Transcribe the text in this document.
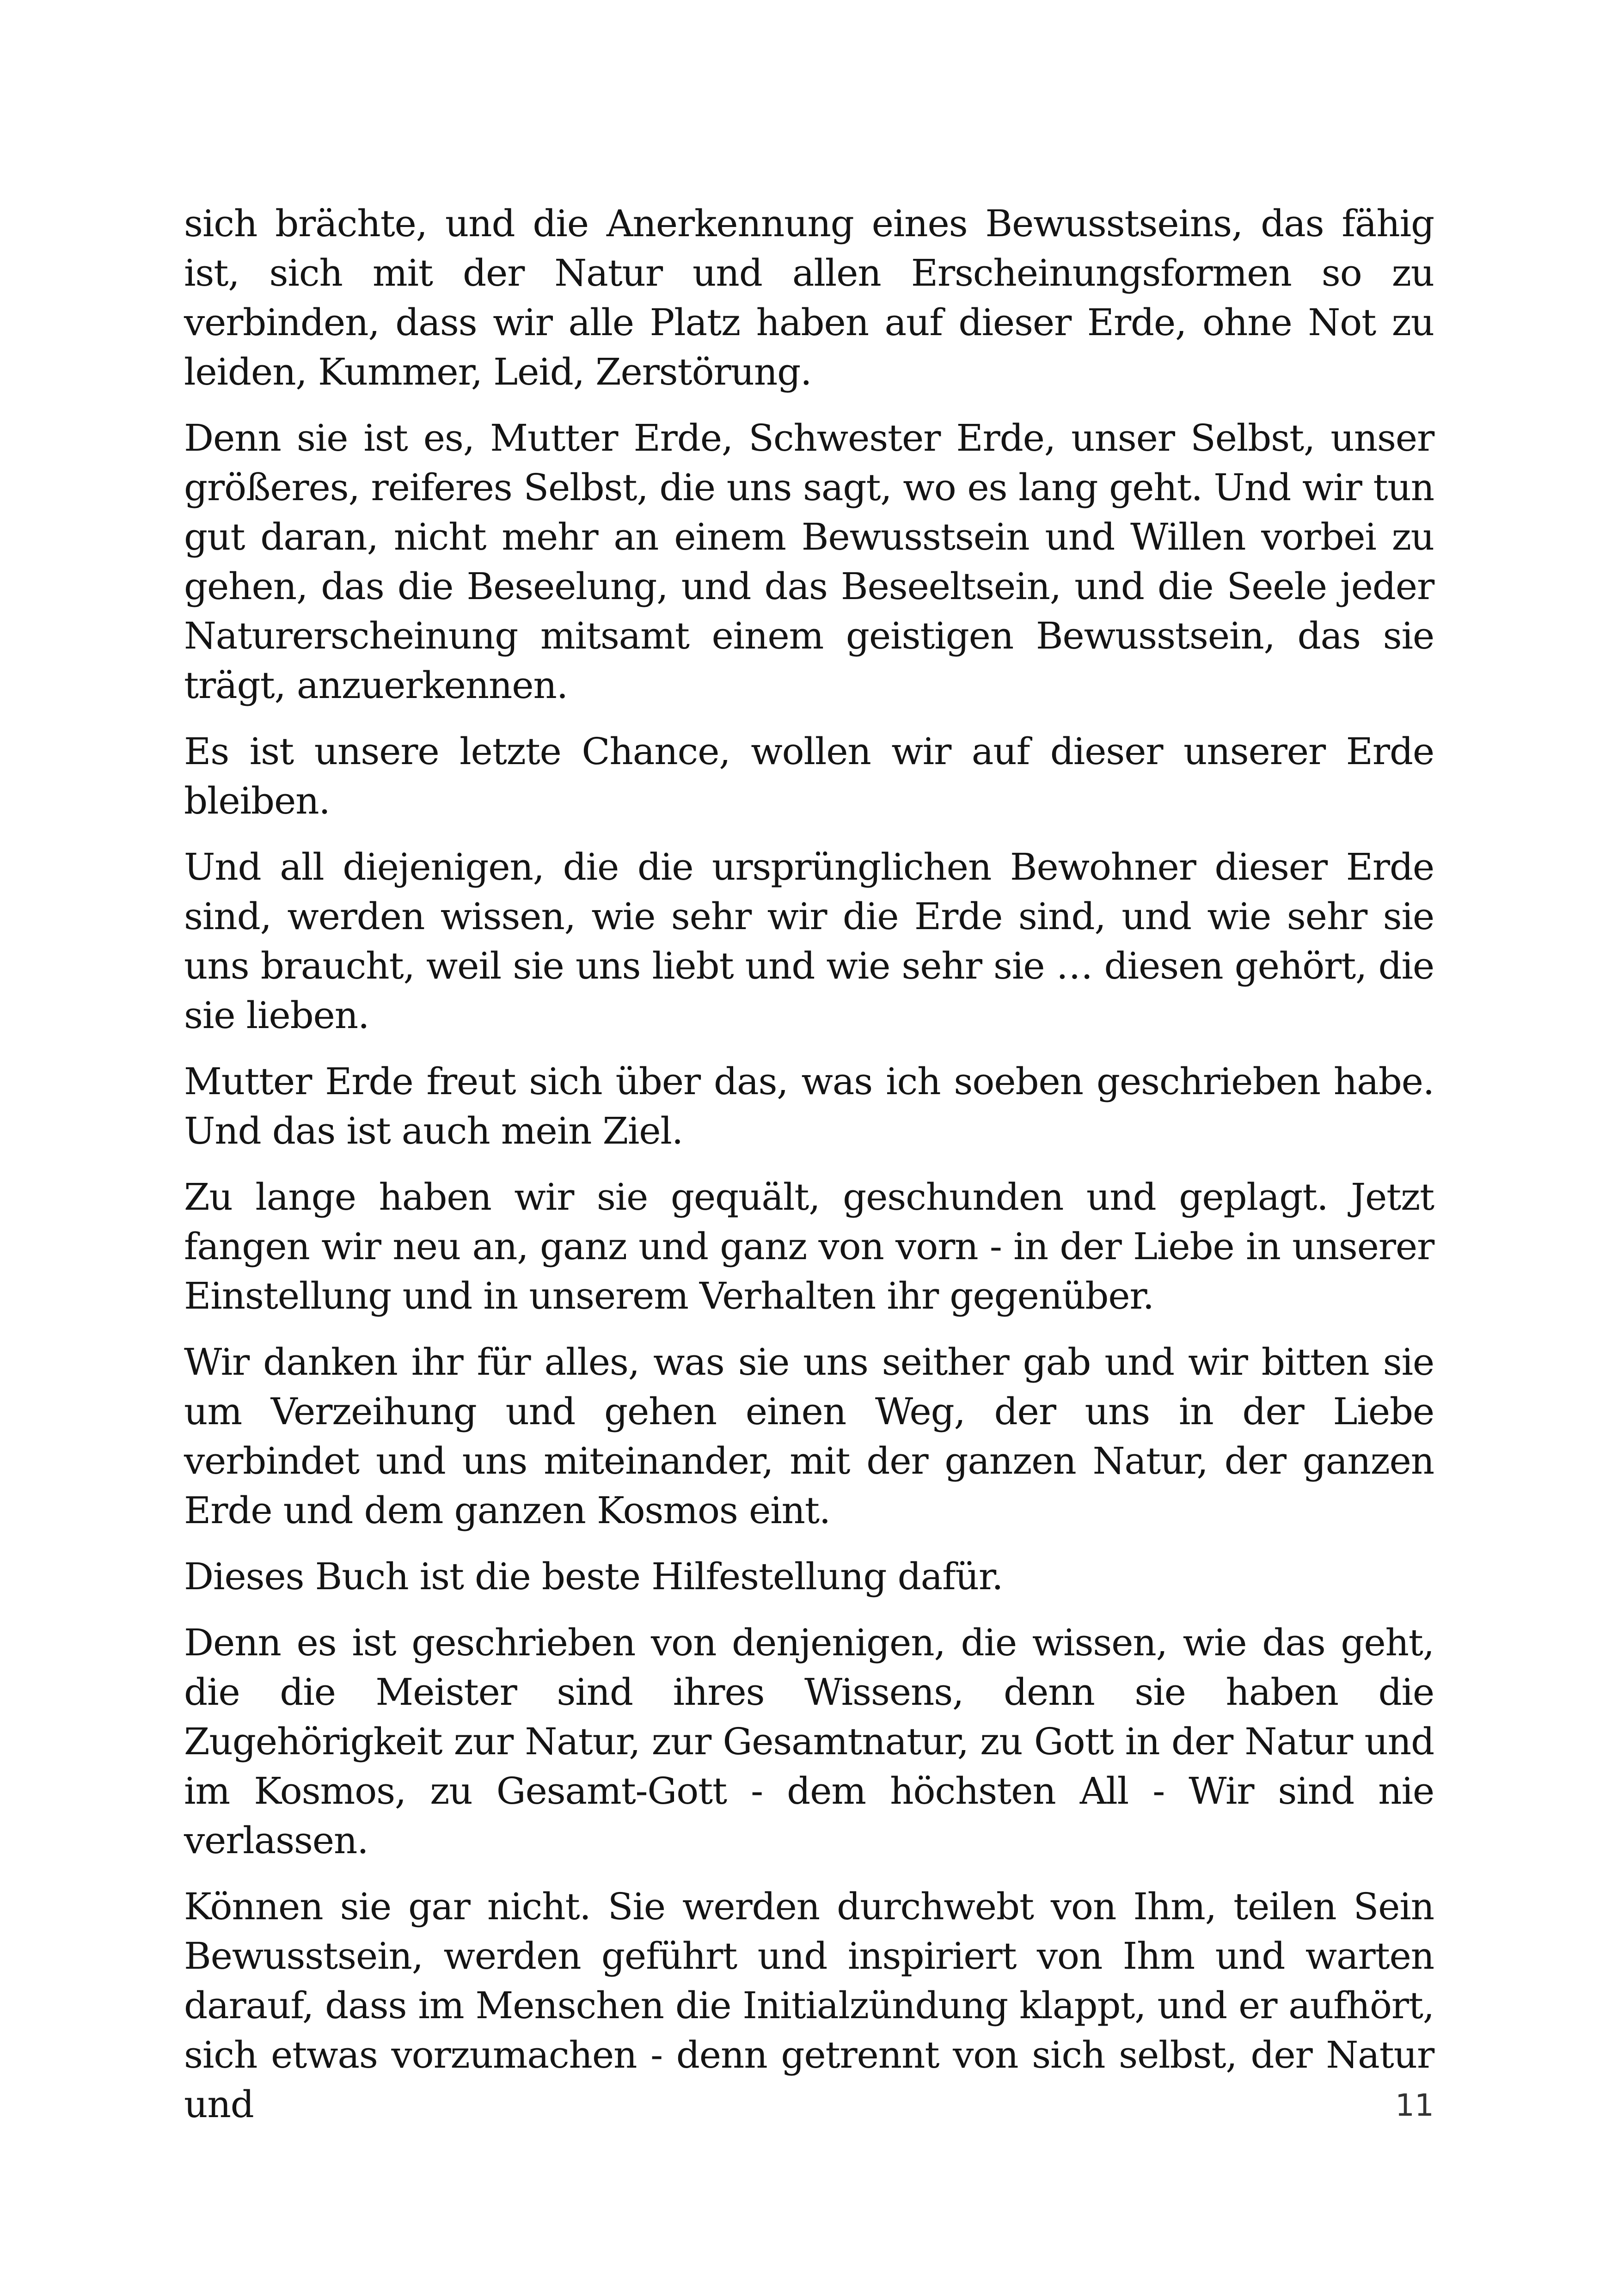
sich brächte, und die Anerkennung eines Bewusstseins, das fähig ist, sich mit der Natur und allen Erscheinungsformen so zu verbinden, dass wir alle Platz haben auf dieser Erde, ohne Not zu leiden, Kummer, Leid, Zerstörung.

Denn sie ist es, Mutter Erde, Schwester Erde, unser Selbst, unser größeres, reiferes Selbst, die uns sagt, wo es lang geht. Und wir tun gut daran, nicht mehr an einem Bewusstsein und Willen vorbei zu gehen, das die Beseelung, und das Beseeltsein, und die Seele jeder Naturerscheinung mitsamt einem geistigen Bewusstsein, das sie trägt, anzuerkennen.

Es ist unsere letzte Chance, wollen wir auf dieser unserer Erde bleiben.

Und all diejenigen, die die ursprünglichen Bewohner dieser Erde sind, werden wissen, wie sehr wir die Erde sind, und wie sehr sie uns braucht, weil sie uns liebt und wie sehr sie … diesen gehört, die sie lieben.

Mutter Erde freut sich über das, was ich soeben geschrieben habe. Und das ist auch mein Ziel.

Zu lange haben wir sie gequält, geschunden und geplagt. Jetzt fangen wir neu an, ganz und ganz von vorn - in der Liebe in unserer Einstellung und in unserem Verhalten ihr gegenüber.

Wir danken ihr für alles, was sie uns seither gab und wir bitten sie um Verzeihung und gehen einen Weg, der uns in der Liebe verbindet und uns miteinander, mit der ganzen Natur, der ganzen Erde und dem ganzen Kosmos eint.

Dieses Buch ist die beste Hilfestellung dafür.

Denn es ist geschrieben von denjenigen, die wissen, wie das geht, die die Meister sind ihres Wissens, denn sie haben die Zugehörigkeit zur Natur, zur Gesamtnatur, zu Gott in der Natur und im Kosmos, zu Gesamt-Gott - dem höchsten All - Wir sind nie verlassen.

Können sie gar nicht. Sie werden durchwebt von Ihm, teilen Sein Bewusstsein, werden geführt und inspiriert von Ihm und warten darauf, dass im Menschen die Initialzündung klappt, und er aufhört, sich etwas vorzumachen - denn getrennt von sich selbst, der Natur und	11
